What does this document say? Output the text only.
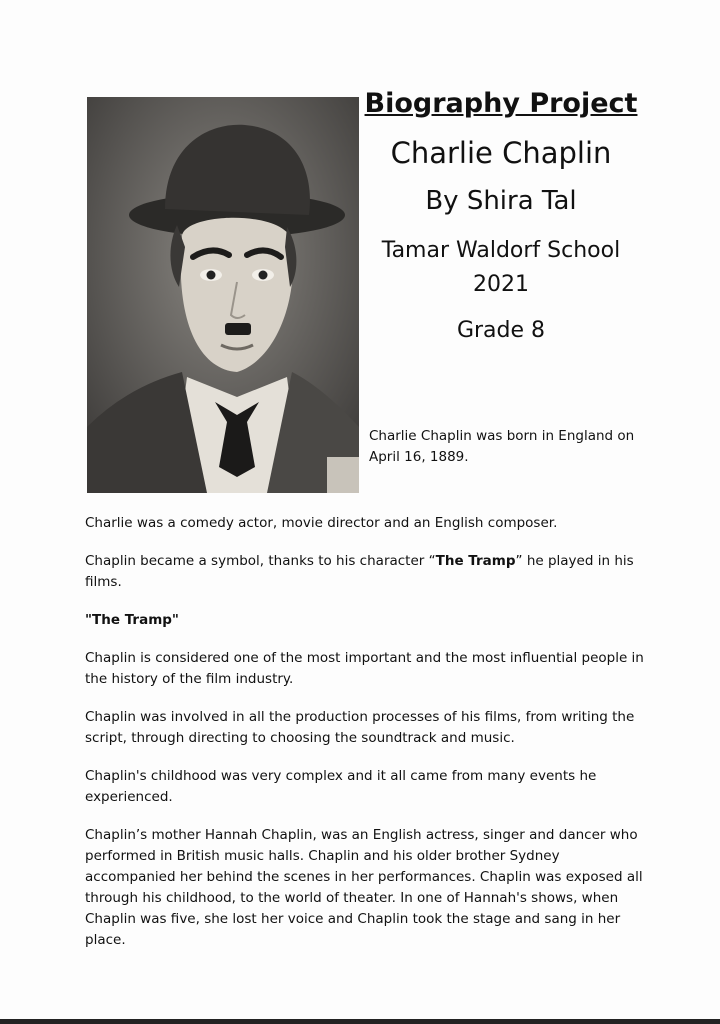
Biography Project
Charlie Chaplin
By Shira Tal
Tamar Waldorf School
2021
Grade 8
Charlie Chaplin was born in England on April 16, 1889.

Charlie was a comedy actor, movie director and an English composer.

Chaplin became a symbol, thanks to his character “The Tramp” he played in his films.

"The Tramp"

Chaplin is considered one of the most important and the most influential people in the history of the film industry.

Chaplin was involved in all the production processes of his films, from writing the script, through directing to choosing the soundtrack and music.

Chaplin's childhood was very complex and it all came from many events he experienced.

Chaplin’s mother Hannah Chaplin, was an English actress, singer and dancer who performed in British music halls. Chaplin and his older brother Sydney accompanied her behind the scenes in her performances. Chaplin was exposed all through his childhood, to the world of theater. In one of Hannah's shows, when Chaplin was five, she lost her voice and Chaplin took the stage and sang in her place.
